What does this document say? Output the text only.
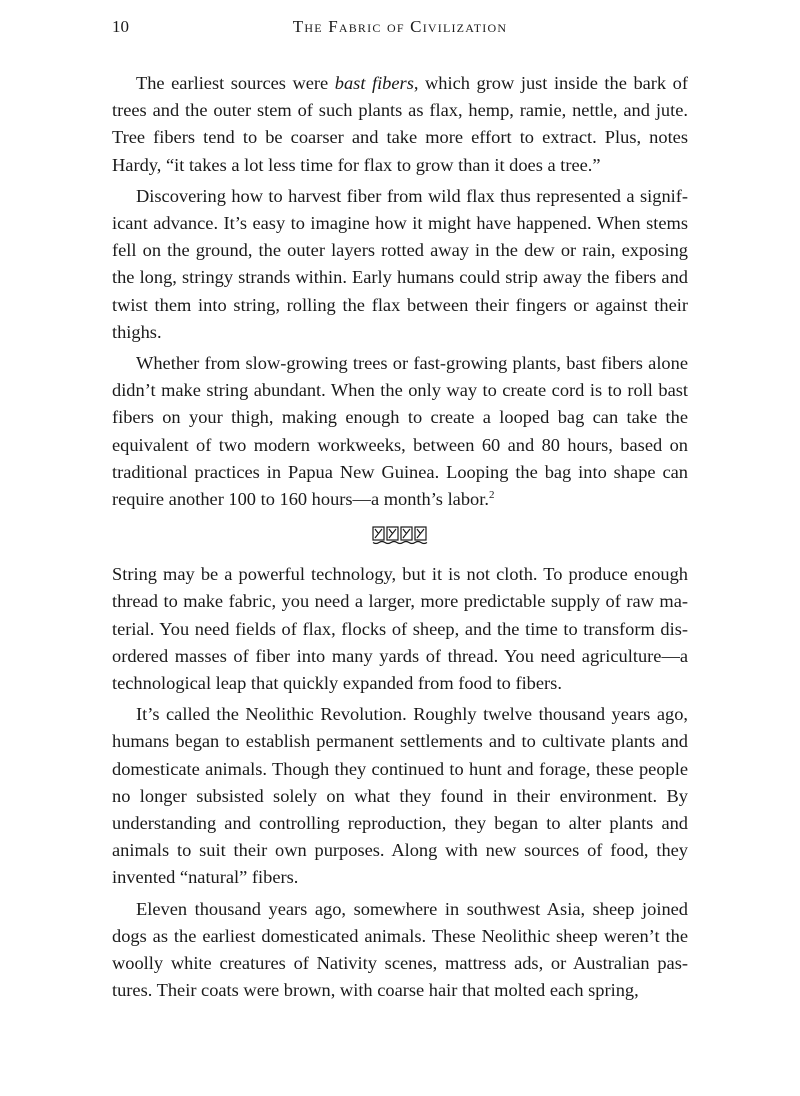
10	The Fabric of Civilization

The earliest sources were bast fibers, which grow just inside the bark of trees and the outer stem of such plants as flax, hemp, ramie, nettle, and jute. Tree fibers tend to be coarser and take more effort to extract. Plus, notes Hardy, “it takes a lot less time for flax to grow than it does a tree.”

Discovering how to harvest fiber from wild flax thus represented a significant advance. It’s easy to imagine how it might have happened. When stems fell on the ground, the outer layers rotted away in the dew or rain, exposing the long, stringy strands within. Early humans could strip away the fibers and twist them into string, rolling the flax between their fingers or against their thighs.

Whether from slow-growing trees or fast-growing plants, bast fibers alone didn’t make string abundant. When the only way to create cord is to roll bast fibers on your thigh, making enough to create a looped bag can take the equivalent of two modern workweeks, between 60 and 80 hours, based on traditional practices in Papua New Guinea. Looping the bag into shape can require another 100 to 160 hours—a month’s labor.$^2$

String may be a powerful technology, but it is not cloth. To produce enough thread to make fabric, you need a larger, more predictable supply of raw material. You need fields of flax, flocks of sheep, and the time to transform disordered masses of fiber into many yards of thread. You need agriculture—a technological leap that quickly expanded from food to fibers.

It’s called the Neolithic Revolution. Roughly twelve thousand years ago, humans began to establish permanent settlements and to cultivate plants and domesticate animals. Though they continued to hunt and forage, these people no longer subsisted solely on what they found in their environment. By understanding and controlling reproduction, they began to alter plants and animals to suit their own purposes. Along with new sources of food, they invented “natural” fibers.

Eleven thousand years ago, somewhere in southwest Asia, sheep joined dogs as the earliest domesticated animals. These Neolithic sheep weren’t the woolly white creatures of Nativity scenes, mattress ads, or Australian pastures. Their coats were brown, with coarse hair that molted each spring,
